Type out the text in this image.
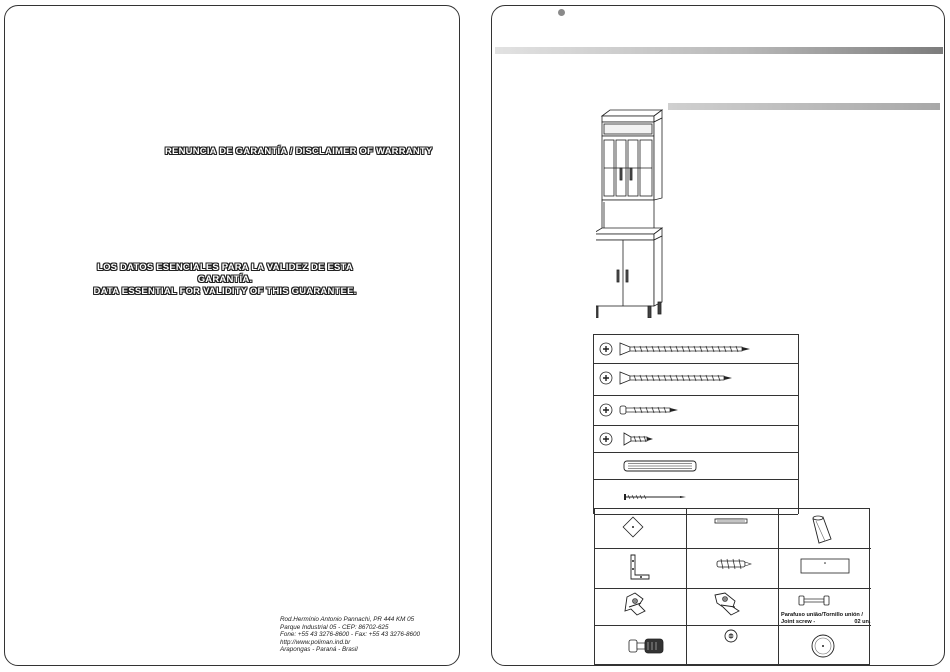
RENUNCIA DE GARANTÍA / DISCLAIMER OF WARRANTY
LOS DATOS ESENCIALES PARA LA VALIDEZ DE ESTA GARANTÍA.
DATA ESSENTIAL FOR VALIDITY OF THIS GUARANTEE.
Rod.Hermínio Antonio Pannachi, PR 444 KM 05
Parque Industrial 05 - CEP: 86702-625
Fone: +55 43 3276-8600 - Fax: +55 43 3276-8600
http://www.poliman.ind.br
Arapongas - Paraná - Brasil
Parafuso união/Tornillo unión /
Joint screw -	02 un.
